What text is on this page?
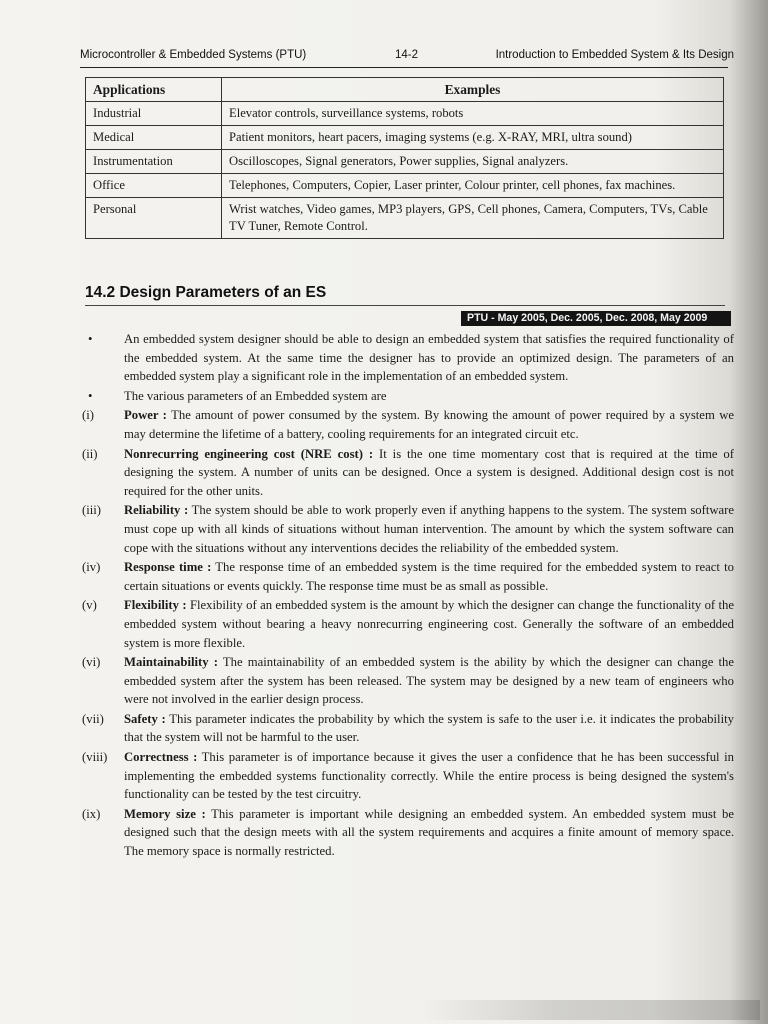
Microcontroller & Embedded Systems (PTU)	14-2	Introduction to Embedded System & Its Design
Applications	Examples
Industrial	Elevator controls, surveillance systems, robots
Medical	Patient monitors, heart pacers, imaging systems (e.g. X-RAY, MRI, ultra sound)
Instrumentation	Oscilloscopes, Signal generators, Power supplies, Signal analyzers.
Office	Telephones, Computers, Copier, Laser printer, Colour printer, cell phones, fax machines.
Personal	Wrist watches, Video games, MP3 players, GPS, Cell phones, Camera, Computers, TVs, Cable TV Tuner, Remote Control.
14.2 Design Parameters of an ES
PTU - May 2005, Dec. 2005, Dec. 2008, May 2009
•	An embedded system designer should be able to design an embedded system that satisfies the required functionality of the embedded system. At the same time the designer has to provide an optimized design. The parameters of an embedded system play a significant role in the implementation of an embedded system.
•	The various parameters of an Embedded system are
(i)	Power : The amount of power consumed by the system. By knowing the amount of power required by a system we may determine the lifetime of a battery, cooling requirements for an integrated circuit etc.
(ii)	Nonrecurring engineering cost (NRE cost) : It is the one time momentary cost that is required at the time of designing the system. A number of units can be designed. Once a system is designed. Additional design cost is not required for the other units.
(iii)	Reliability : The system should be able to work properly even if anything happens to the system. The system software must cope up with all kinds of situations without human intervention. The amount by which the system software can cope with the situations without any interventions decides the reliability of the embedded system.
(iv)	Response time : The response time of an embedded system is the time required for the embedded system to react to certain situations or events quickly. The response time must be as small as possible.
(v)	Flexibility : Flexibility of an embedded system is the amount by which the designer can change the functionality of the embedded system without bearing a heavy nonrecurring engineering cost. Generally the software of an embedded system is more flexible.
(vi)	Maintainability : The maintainability of an embedded system is the ability by which the designer can change the embedded system after the system has been released. The system may be designed by a new team of engineers who were not involved in the earlier design process.
(vii)	Safety : This parameter indicates the probability by which the system is safe to the user i.e. it indicates the probability that the system will not be harmful to the user.
(viii)	Correctness : This parameter is of importance because it gives the user a confidence that he has been successful in implementing the embedded systems functionality correctly. While the entire process is being designed the system's functionality can be tested by the test circuitry.
(ix)	Memory size : This parameter is important while designing an embedded system. An embedded system must be designed such that the design meets with all the system requirements and acquires a finite amount of memory space. The memory space is normally restricted.
